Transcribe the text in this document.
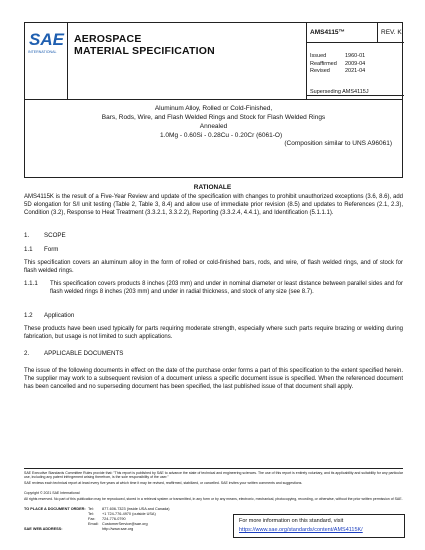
SAE
INTERNATIONAL
AEROSPACE
MATERIAL SPECIFICATION
AMS4115™	REV. K
Issued	1960-01
Reaffirmed 2009-04
Revised	2021-04
Superseding AMS4115J
Aluminum Alloy, Rolled or Cold-Finished,
Bars, Rods, Wire, and Flash Welded Rings and Stock for Flash Welded Rings
Annealed
1.0Mg - 0.60Si - 0.28Cu - 0.20Cr (6061-O)
(Composition similar to UNS A96061)
RATIONALE
AMS4115K is the result of a Five-Year Review and update of the specification with changes to prohibit unauthorized exceptions (3.6, 8.6), add 5D elongation for S/I unit testing (Table 2, Table 3, 8.4) and allow use of immediate prior revision (8.5) and updates to References (2.1, 2.3), Condition (3.2), Response to Heat Treatment (3.3.2.1, 3.3.2.2), Reporting (3.3.2.4, 4.4.1), and Identification (5.1.1.1).
1. SCOPE
1.1 Form
This specification covers an aluminum alloy in the form of rolled or cold-finished bars, rods, and wire, of flash welded rings, and of stock for flash welded rings.
1.1.1 This specification covers products 8 inches (203 mm) and under in nominal diameter or least distance between parallel sides and for flash welded rings 8 inches (203 mm) and under in radial thickness, and stock of any size (see 8.7).
1.2 Application
These products have been used typically for parts requiring moderate strength, especially where such parts require brazing or welding during fabrication, but usage is not limited to such applications.
2. APPLICABLE DOCUMENTS
The issue of the following documents in effect on the date of the purchase order forms a part of this specification to the extent specified herein. The supplier may work to a subsequent revision of a document unless a specific document issue is specified. When the referenced document has been cancelled and no superseding document has been specified, the last published issue of that document shall apply.
SAE Executive Standards Committee Rules provide that: "This report is published by SAE to advance the state of technical and engineering sciences. The use of this report is entirely voluntary, and its applicability and suitability for any particular use, including any patent infringement arising therefrom, is the sole responsibility of the user."
SAE reviews each technical report at least every five years at which time it may be revised, reaffirmed, stabilized, or cancelled. SAE invites your written comments and suggestions.
Copyright © 2021 SAE International
All rights reserved. No part of this publication may be reproduced, stored in a retrieval system or transmitted, in any form or by any means, electronic, mechanical, photocopying, recording, or otherwise, without the prior written permission of SAE.
TO PLACE A DOCUMENT ORDER: Tel: 877-606-7323 (inside USA and Canada)
Tel: +1 724-776-4970 (outside USA)
Fax: 724-776-0790
Email: CustomerService@sae.org
SAE WEB ADDRESS:	http://www.sae.org
For more information on this standard, visit
https://www.sae.org/standards/content/AMS4115K/
